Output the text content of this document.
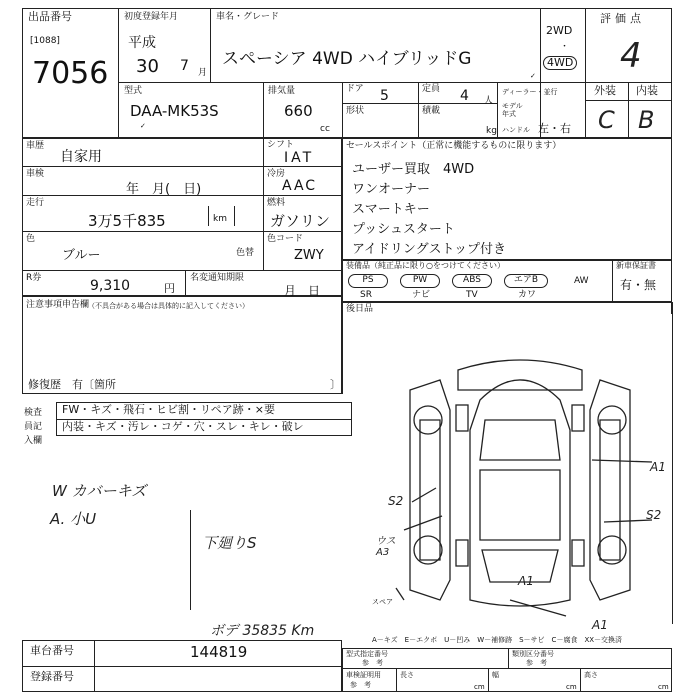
出品番号
[1088]
7056
初度登録年月
平成
30 7 月
車名・グレード
スペーシア 4WD ハイブリッドG
2WD
・
4WD
✓
評価点
4
外装 内装
C B
型式
DAA-MK53S
✓
排気量
660
cc
ドア 5
形状
定員 4 人
積載
kg
ディーラー・並行
モデル年式
ハンドル 左・右
車歴
自家用
シフト
IAT
車検
年　月(　日)
冷房
AAC
走行
3万5千835	km
燃料
ガソリン
色
ブルー	色替
色コード
ZWY
R券	9,310	円
名変通知期限
月　日
セールスポイント（正常に機能するものに限ります）
ユーザー買取　4WD
ワンオーナー
スマートキー
プッシュスタート
アイドリングストップ付き
装備品（純正品に限り○をつけてください）	新車保証書
有・無
PS	PW	ABS	エアB	AW
SR	ナビ	TV	カワ
注意事項申告欄
（不具合がある場合は具体的に記入してください）
修復歴 有〔箇所	〕
後日品
検査員記入欄
FW・キズ・飛石・ヒビ割・リペア跡・×要
内装・キズ・汚レ・コゲ・穴・スレ・キレ・破レ
W カバーキズ
A. 小U
下廻りS
ボデ 35835 Km
A1
S2
S2
ウス A3
A1
A1
スペア
A－キズ　E－エクボ　U－凹み　W－補修跡　S－サビ　C－腐食　XX－交換済
車台番号	144819
登録番号
型式指定番号
参　考
類別区分番号
参　考
車検証明用
参　考
長さ
cm
幅
cm
高さ
cm
